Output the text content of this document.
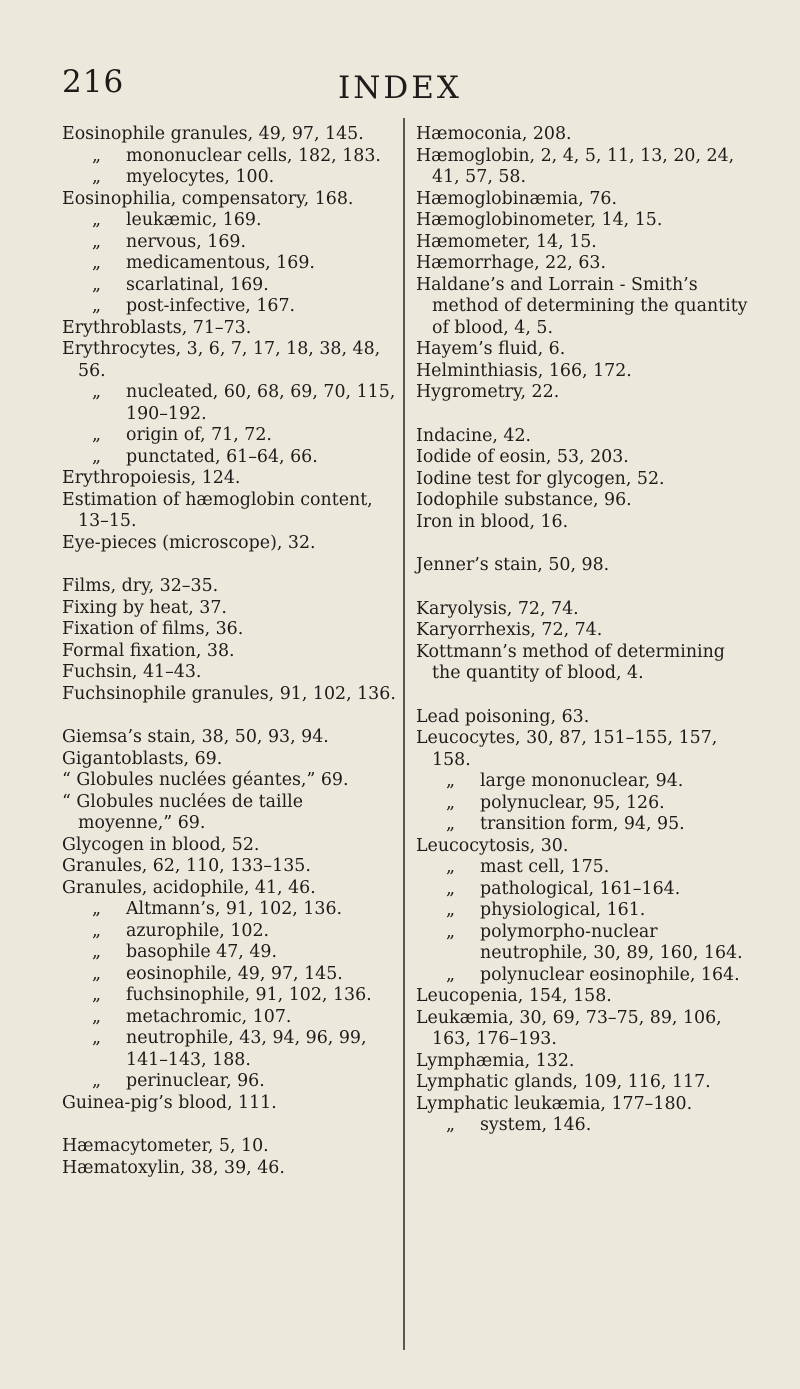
216	INDEX

Eosinophile granules, 49, 97, 145.

„ mononuclear cells, 182, 183.

„ myelocytes, 100.

Eosinophilia, compensatory, 168.

„ leukæmic, 169.

„ nervous, 169.

„ medicamentous, 169.

„ scarlatinal, 169.

„ post-infective, 167.

Erythroblasts, 71–73.

Erythrocytes, 3, 6, 7, 17, 18, 38, 48, 56.

„ nucleated, 60, 68, 69, 70, 115, 190–192.

„ origin of, 71, 72.

„ punctated, 61–64, 66.

Erythropoiesis, 124.

Estimation of hæmoglobin content, 13–15.

Eye-pieces (microscope), 32.

Films, dry, 32–35.

Fixing by heat, 37.

Fixation of films, 36.

Formal fixation, 38.

Fuchsin, 41–43.

Fuchsinophile granules, 91, 102, 136.

Giemsa’s stain, 38, 50, 93, 94.

Gigantoblasts, 69.

“ Globules nuclées géantes,” 69.

“ Globules nuclées de taille moyenne,” 69.

Glycogen in blood, 52.

Granules, 62, 110, 133–135.

Granules, acidophile, 41, 46.

„ Altmann’s, 91, 102, 136.

„ azurophile, 102.

„ basophile 47, 49.

„ eosinophile, 49, 97, 145.

„ fuchsinophile, 91, 102, 136.

„ metachromic, 107.

„ neutrophile, 43, 94, 96, 99, 141–143, 188.

„ perinuclear, 96.

Guinea-pig’s blood, 111.

Hæmacytometer, 5, 10.

Hæmatoxylin, 38, 39, 46.

Hæmoconia, 208.

Hæmoglobin, 2, 4, 5, 11, 13, 20, 24, 41, 57, 58.

Hæmoglobinæmia, 76.

Hæmoglobinometer, 14, 15.

Hæmometer, 14, 15.

Hæmorrhage, 22, 63.

Haldane’s and Lorrain - Smith’s method of determining the quantity of blood, 4, 5.

Hayem’s fluid, 6.

Helminthiasis, 166, 172.

Hygrometry, 22.

Indacine, 42.

Iodide of eosin, 53, 203.

Iodine test for glycogen, 52.

Iodophile substance, 96.

Iron in blood, 16.

Jenner’s stain, 50, 98.

Karyolysis, 72, 74.

Karyorrhexis, 72, 74.

Kottmann’s method of determining the quantity of blood, 4.

Lead poisoning, 63.

Leucocytes, 30, 87, 151–155, 157, 158.

„ large mononuclear, 94.

„ polynuclear, 95, 126.

„ transition form, 94, 95.

Leucocytosis, 30.

„ mast cell, 175.

„ pathological, 161–164.

„ physiological, 161.

„ polymorpho-nuclear neutrophile, 30, 89, 160, 164.

„ polynuclear eosinophile, 164.

Leucopenia, 154, 158.

Leukæmia, 30, 69, 73–75, 89, 106, 163, 176–193.

Lymphæmia, 132.

Lymphatic glands, 109, 116, 117.

Lymphatic leukæmia, 177–180.

„ system, 146.
